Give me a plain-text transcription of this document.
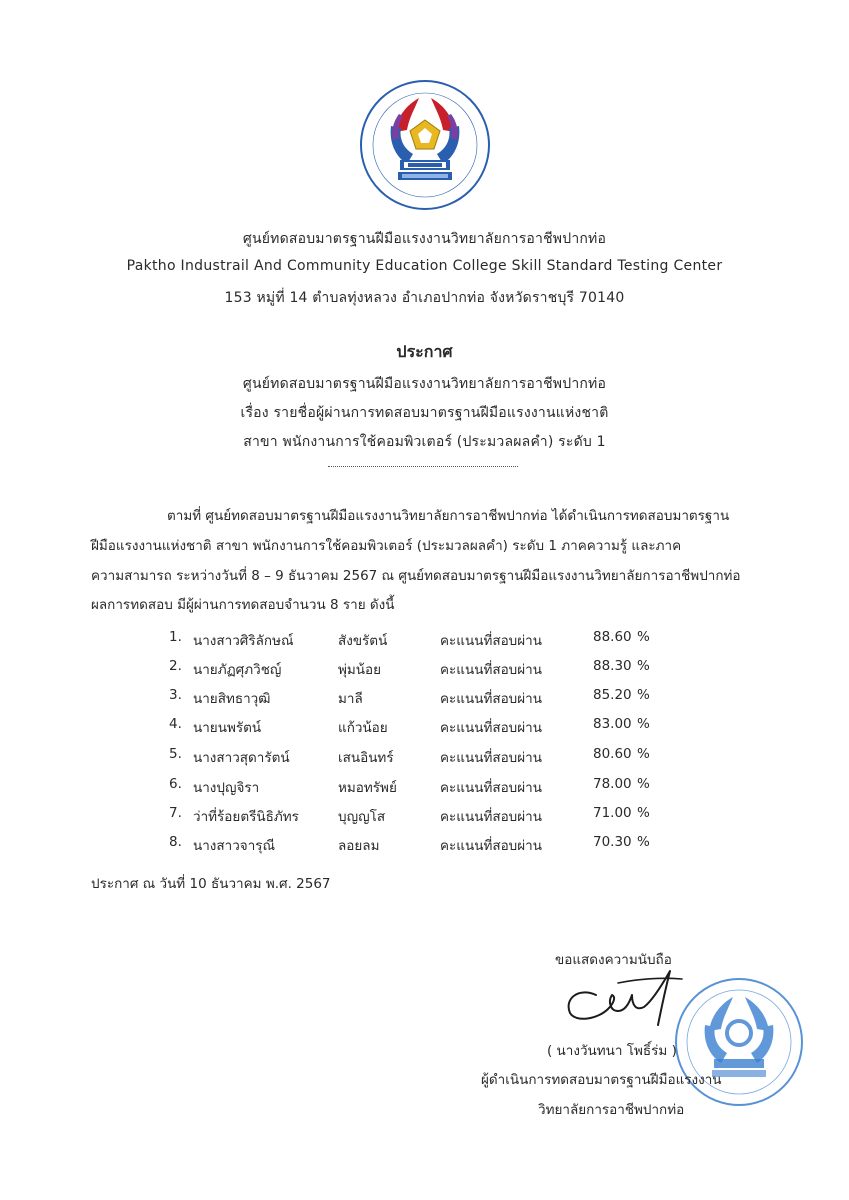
ศูนย์ทดสอบมาตรฐานฝีมือแรงงานวิทยาลัยการอาชีพปากท่อ
Paktho Industrail And Community Education College Skill Standard Testing Center
153 หมู่ที่ 14 ตำบลทุ่งหลวง อำเภอปากท่อ จังหวัดราชบุรี 70140
ประกาศ
ศูนย์ทดสอบมาตรฐานฝีมือแรงงานวิทยาลัยการอาชีพปากท่อ
เรื่อง รายชื่อผู้ผ่านการทดสอบมาตรฐานฝีมือแรงงานแห่งชาติ
สาขา พนักงานการใช้คอมพิวเตอร์ (ประมวลผลคำ) ระดับ 1
ตามที่ ศูนย์ทดสอบมาตรฐานฝีมือแรงงานวิทยาลัยการอาชีพปากท่อ ได้ดำเนินการทดสอบมาตรฐาน
ฝีมือแรงงานแห่งชาติ สาขา พนักงานการใช้คอมพิวเตอร์ (ประมวลผลคำ) ระดับ 1 ภาคความรู้ และภาค
ความสามารถ ระหว่างวันที่ 8 – 9 ธันวาคม 2567 ณ ศูนย์ทดสอบมาตรฐานฝีมือแรงงานวิทยาลัยการอาชีพปากท่อ
ผลการทดสอบ มีผู้ผ่านการทดสอบจำนวน 8 ราย ดังนี้
1. นางสาวศิริลักษณ์	สังขรัตน์	คะแนนที่สอบผ่าน	88.60 %
2. นายภัฏศุภวิชญ์	พุ่มน้อย	คะแนนที่สอบผ่าน	88.30 %
3. นายสิทธาวุฒิ	มาลี	คะแนนที่สอบผ่าน	85.20 %
4. นายนพรัตน์	แก้วน้อย	คะแนนที่สอบผ่าน	83.00 %
5. นางสาวสุดารัตน์	เสนอินทร์	คะแนนที่สอบผ่าน	80.60 %
6. นางปุญจิรา	หมอทรัพย์	คะแนนที่สอบผ่าน	78.00 %
7. ว่าที่ร้อยตรีนิธิภัทร	บุญญโส	คะแนนที่สอบผ่าน	71.00 %
8. นางสาวจารุณี	ลอยลม	คะแนนที่สอบผ่าน	70.30 %
ประกาศ ณ วันที่ 10 ธันวาคม พ.ศ. 2567
ขอแสดงความนับถือ
( นางวันทนา โพธิ์ร่ม )
ผู้ดำเนินการทดสอบมาตรฐานฝีมือแรงงาน
วิทยาลัยการอาชีพปากท่อ
